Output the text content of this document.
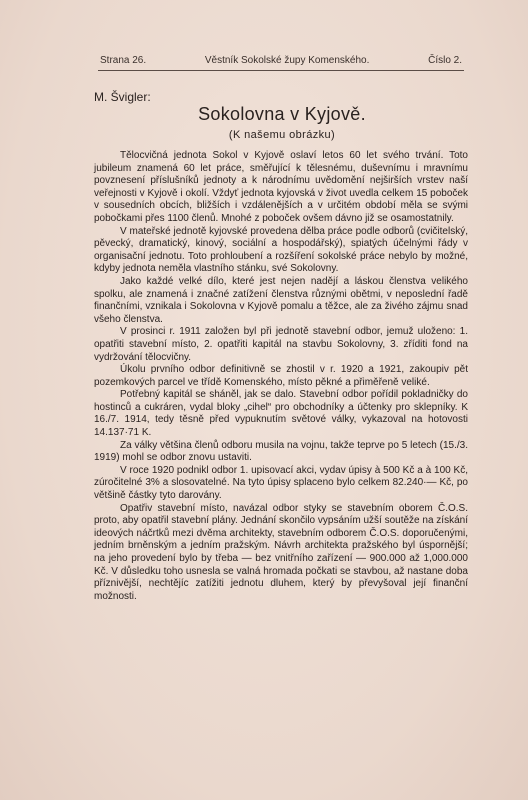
Strana 26.	Věstník Sokolské župy Komenského.	Číslo 2.
M. Švigler:
Sokolovna v Kyjově.
(K našemu obrázku)

Tělocvičná jednota Sokol v Kyjově oslaví letos 60 let svého trvání. Toto jubileum znamená 60 let práce, směřující k tělesnému, duševnímu i mravnímu povznesení příslušníků jednoty a k národnímu uvědomění nejširších vrstev naší veřejnosti v Kyjově i okolí. Vždyť jednota kyjovská v život uvedla celkem 15 poboček v sousedních obcích, bližších i vzdálenějších a v určitém období měla se svými pobočkami přes 1100 členů. Mnohé z poboček ovšem dávno již se osamostatnily.

V mateřské jednotě kyjovské provedena dělba práce podle odborů (cvičitelský, pěvecký, dramatický, kinový, sociální a hospodářský), spiatých účelnými řády v organisační jednotu. Toto prohloubení a rozšíření sokolské práce nebylo by možné, kdyby jednota neměla vlastního stánku, své Sokolovny.

Jako každé velké dílo, které jest nejen nadějí a láskou členstva velikého spolku, ale znamená i značné zatížení členstva různými obětmi, v neposlední řadě finančními, vznikala i Sokolovna v Kyjově pomalu a těžce, ale za živého zájmu snad všeho členstva.

V prosinci r. 1911 založen byl při jednotě stavební odbor, jemuž uloženo: 1. opatřiti stavební místo, 2. opatřiti kapitál na stavbu Sokolovny, 3. zříditi fond na vydržování tělocvičny.

Úkolu prvního odbor definitivně se zhostil v r. 1920 a 1921, zakoupiv pět pozemkových parcel ve třídě Komenského, místo pěkné a přiměřeně veliké.

Potřebný kapitál se sháněl, jak se dalo. Stavební odbor pořídil pokladničky do hostinců a cukráren, vydal bloky „cihel“ pro obchodníky a účtenky pro sklepníky. K 16./7. 1914, tedy těsně před vypuknutím světové války, vykazoval na hotovosti 14.137·71 K.

Za války většina členů odboru musila na vojnu, takže teprve po 5 letech (15./3. 1919) mohl se odbor znovu ustaviti.

V roce 1920 podnikl odbor 1. upisovací akci, vydav úpisy à 500 Kč a à 100 Kč, zúročitelné 3% a slosovatelné. Na tyto úpisy splaceno bylo celkem 82.240·— Kč, po většině částky tyto darovány.

Opatřiv stavební místo, navázal odbor styky se stavebním oborem Č.O.S. proto, aby opatřil stavební plány. Jednání skončilo vypsáním užší soutěže na získání ideových náčrtků mezi dvěma architekty, stavebním odborem Č.O.S. doporučenými, jedním brněnským a jedním pražským. Návrh architekta pražského byl úspornější; na jeho provedení bylo by třeba — bez vnitřního zařízení — 900.000 až 1,000.000 Kč. V důsledku toho usnesla se valná hromada počkati se stavbou, až nastane doba příznivější, nechtějíc zatížiti jednotu dluhem, který by převyšoval její finanční možnosti.
